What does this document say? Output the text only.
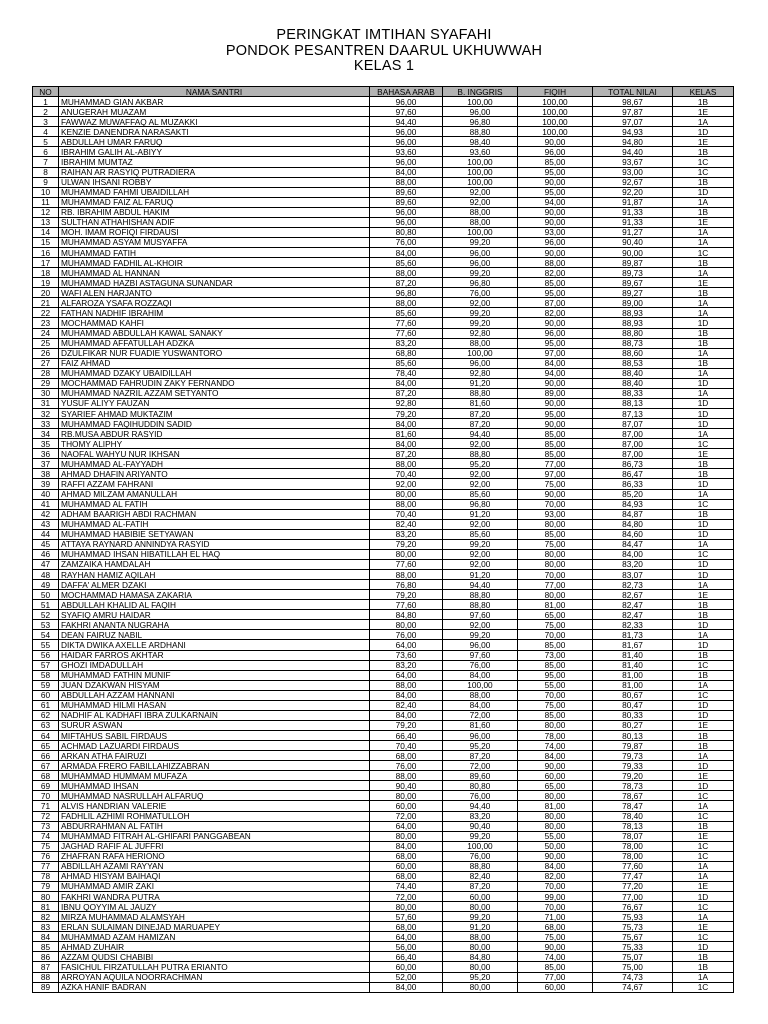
PERINGKAT IMTIHAN SYAFAHI
PONDOK PESANTREN DAARUL UKHUWWAH
KELAS 1
NO	NAMA SANTRI	BAHASA ARAB	B. INGGRIS	FIQIH	TOTAL NILAI	KELAS
1	MUHAMMAD GIAN AKBAR	96,00	100,00	100,00	98,67	1B
2	ANUGERAH MUAZAM	97,60	96,00	100,00	97,87	1E
3	FAWWAZ MUWAFFAQ AL MUZAKKI	94,40	96,80	100,00	97,07	1A
4	KENZIE DANENDRA NARASAKTI	96,00	88,80	100,00	94,93	1D
5	ABDULLAH UMAR FARUQ	96,00	98,40	90,00	94,80	1E
6	IBRAHIM GALIH AL-ABIYY	93,60	93,60	96,00	94,40	1B
7	IBRAHIM MUMTAZ	96,00	100,00	85,00	93,67	1C
8	RAIHAN AR RASYIQ PUTRADIERA	84,00	100,00	95,00	93,00	1C
9	ULWAN IHSANI ROBBY	88,00	100,00	90,00	92,67	1B
10	MUHAMMAD FAHMI UBAIDILLAH	89,60	92,00	95,00	92,20	1D
11	MUHAMMAD FAIZ AL FARUQ	89,60	92,00	94,00	91,87	1A
12	RB. IBRAHIM ABDUL HAKIM	96,00	88,00	90,00	91,33	1B
13	SULTHAN ATHAHISHAN ADIF	96,00	88,00	90,00	91,33	1E
14	MOH. IMAM ROFIQI FIRDAUSI	80,80	100,00	93,00	91,27	1A
15	MUHAMMAD ASYAM MUSYAFFA	76,00	99,20	96,00	90,40	1A
16	MUHAMMAD FATIH	84,00	96,00	90,00	90,00	1C
17	MUHAMMAD FADHIL AL-KHOIR	85,60	96,00	88,00	89,87	1B
18	MUHAMMAD AL HANNAN	88,00	99,20	82,00	89,73	1A
19	MUHAMMAD HAZBI ASTAGUNA SUNANDAR	87,20	96,80	85,00	89,67	1E
20	WAFI ALEN HARJANTO	96,80	76,00	95,00	89,27	1B
21	ALFAROZA YSAFA ROZZAQI	88,00	92,00	87,00	89,00	1A
22	FATHAN NADHIF IBRAHIM	85,60	99,20	82,00	88,93	1A
23	MOCHAMMAD KAHFI	77,60	99,20	90,00	88,93	1D
24	MUHAMMAD ABDULLAH KAWAL SANAKY	77,60	92,80	96,00	88,80	1B
25	MUHAMMAD AFFATULLAH ADZKA	83,20	88,00	95,00	88,73	1B
26	DZULFIKAR NUR FUADIE YUSWANTORO	68,80	100,00	97,00	88,60	1A
27	FAIZ AHMAD	85,60	96,00	84,00	88,53	1B
28	MUHAMMAD DZAKY UBAIDILLAH	78,40	92,80	94,00	88,40	1A
29	MOCHAMMAD FAHRUDIN ZAKY FERNANDO	84,00	91,20	90,00	88,40	1D
30	MUHAMMAD NAZRIL AZZAM SETYANTO	87,20	88,80	89,00	88,33	1A
31	YUSUF ALIYY FAUZAN	92,80	81,60	90,00	88,13	1D
32	SYARIEF AHMAD MUKTAZIM	79,20	87,20	95,00	87,13	1D
33	MUHAMMAD FAQIHUDDIN SADID	84,00	87,20	90,00	87,07	1D
34	RB.MUSA ABDUR RASYID	81,60	94,40	85,00	87,00	1A
35	THOMY ALIPHY	84,00	92,00	85,00	87,00	1C
36	NAOFAL WAHYU NUR IKHSAN	87,20	88,80	85,00	87,00	1E
37	MUHAMMAD AL-FAYYADH	88,00	95,20	77,00	86,73	1B
38	AHMAD DHAFIN ARIYANTO	70,40	92,00	97,00	86,47	1B
39	RAFFI AZZAM FAHRANI	92,00	92,00	75,00	86,33	1D
40	AHMAD MILZAM AMANULLAH	80,00	85,60	90,00	85,20	1A
41	MUHAMMAD AL FATIH	88,00	96,80	70,00	84,93	1C
42	ADHAM BAARIGH ABDI RACHMAN	70,40	91,20	93,00	84,87	1B
43	MUHAMMAD AL-FATIH	82,40	92,00	80,00	84,80	1D
44	MUHAMMAD HABIBIE SETYAWAN	83,20	85,60	85,00	84,60	1D
45	ATTAYA RAYNARD ANNINDYA RASYID	79,20	99,20	75,00	84,47	1A
46	MUHAMMAD IHSAN HIBATILLAH EL HAQ	80,00	92,00	80,00	84,00	1C
47	ZAMZAIKA HAMDALAH	77,60	92,00	80,00	83,20	1D
48	RAYHAN HAMIZ AQILAH	88,00	91,20	70,00	83,07	1D
49	DAFFA' ALMER DZAKI	76,80	94,40	77,00	82,73	1A
50	MOCHAMMAD HAMASA ZAKARIA	79,20	88,80	80,00	82,67	1E
51	ABDULLAH KHALID AL FAQIH	77,60	88,80	81,00	82,47	1B
52	SYAFIQ AMRU HAIDAR	84,80	97,60	65,00	82,47	1B
53	FAKHRI ANANTA NUGRAHA	80,00	92,00	75,00	82,33	1D
54	DEAN FAIRUZ NABIL	76,00	99,20	70,00	81,73	1A
55	DIKTA DWIKA AXELLE ARDHANI	64,00	96,00	85,00	81,67	1D
56	HAIDAR FARROS AKHTAR	73,60	97,60	73,00	81,40	1B
57	GHOZI IMDADULLAH	83,20	76,00	85,00	81,40	1C
58	MUHAMMAD FATHIN MUNIF	64,00	84,00	95,00	81,00	1B
59	JUAN DZAKWAN HISYAM	88,00	100,00	55,00	81,00	1A
60	ABDULLAH AZZAM HANNANI	84,00	88,00	70,00	80,67	1C
61	MUHAMMAD HILMI HASAN	82,40	84,00	75,00	80,47	1D
62	NADHIF AL KADHAFI IBRA ZULKARNAIN	84,00	72,00	85,00	80,33	1D
63	SURUR ASWAN	79,20	81,60	80,00	80,27	1E
64	MIFTAHUS SABIL FIRDAUS	66,40	96,00	78,00	80,13	1B
65	ACHMAD LAZUARDI FIRDAUS	70,40	95,20	74,00	79,87	1B
66	ARKAN ATHA FAIRUZI	68,00	87,20	84,00	79,73	1A
67	ARMADA FRERO FABILLAHIZZABRAN	76,00	72,00	90,00	79,33	1D
68	MUHAMMAD HUMMAM MUFAZA	88,00	89,60	60,00	79,20	1E
69	MUHAMMAD IHSAN	90,40	80,80	65,00	78,73	1D
70	MUHAMMAD NASRULLAH ALFARUQ	80,00	76,00	80,00	78,67	1C
71	ALVIS HANDRIAN VALERIE	60,00	94,40	81,00	78,47	1A
72	FADHLIL AZHIMI ROHMATULLOH	72,00	83,20	80,00	78,40	1C
73	ABDURRAHMAN AL FATIH	64,00	90,40	80,00	78,13	1B
74	MUHAMMAD FITRAH AL-GHIFARI PANGGABEAN	80,00	99,20	55,00	78,07	1E
75	JAGHAD RAFIF AL JUFFRI	84,00	100,00	50,00	78,00	1C
76	ZHAFRAN RAFA HERIONO	68,00	76,00	90,00	78,00	1C
77	ABDILLAH AZAMI RAYYAN	60,00	88,80	84,00	77,60	1A
78	AHMAD HISYAM BAIHAQI	68,00	82,40	82,00	77,47	1A
79	MUHAMMAD AMIR ZAKI	74,40	87,20	70,00	77,20	1E
80	FAKHRI WANDRA PUTRA	72,00	60,00	99,00	77,00	1D
81	IBNU QOYYIM AL JAUZY	80,00	80,00	70,00	76,67	1C
82	MIRZA MUHAMMAD ALAMSYAH	57,60	99,20	71,00	75,93	1A
83	ERLAN SULAIMAN DINEJAD MARUAPEY	68,00	91,20	68,00	75,73	1E
84	MUHAMMAD AZAM HAMIZAN	64,00	88,00	75,00	75,67	1C
85	AHMAD ZUHAIR	56,00	80,00	90,00	75,33	1D
86	AZZAM QUDSI CHABIBI	66,40	84,80	74,00	75,07	1B
87	FASICHUL FIRZATULLAH PUTRA ERIANTO	60,00	80,00	85,00	75,00	1B
88	ARROYAN AQUILA NOORRACHMAN	52,00	95,20	77,00	74,73	1A
89	AZKA HANIF BADRAN	84,00	80,00	60,00	74,67	1C
